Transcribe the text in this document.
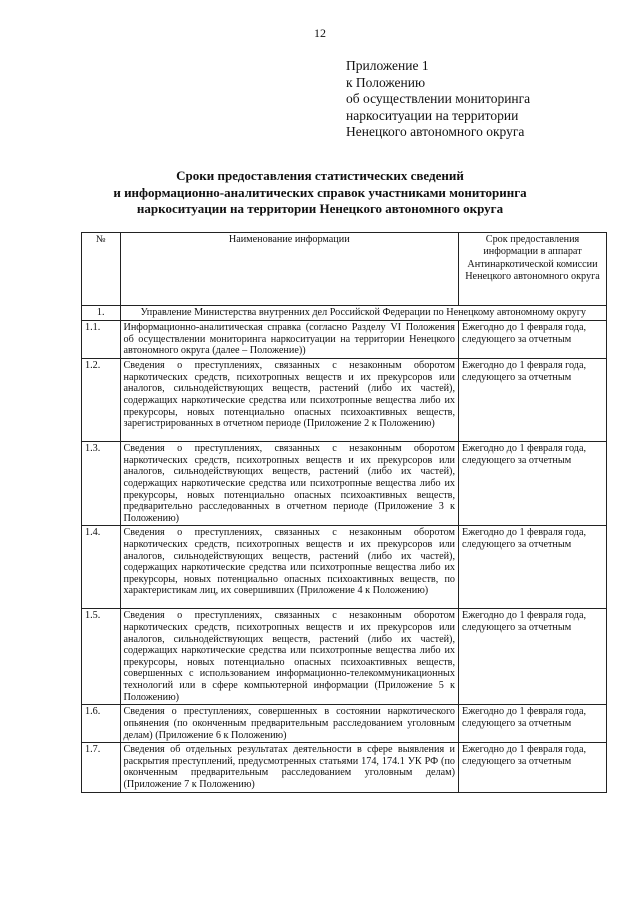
12
Приложение 1
к Положению
об осуществлении мониторинга
наркоситуации на территории
Ненецкого автономного округа
Сроки предоставления статистических сведений
и информационно-аналитических справок участниками мониторинга
наркоситуации на территории Ненецкого автономного округа
№	Наименование информации	Срок предоставления информации в аппарат Антинаркотической комиссии Ненецкого автономного округа
1.	Управление Министерства внутренних дел Российской Федерации по Ненецкому автономному округу	
1.1.	Информационно-аналитическая справка (согласно Разделу VI Положения об осуществлении мониторинга наркоситуации на территории Ненецкого автономного округа (далее – Положение))	Ежегодно до 1 февраля года, следующего за отчетным
1.2.	Сведения о преступлениях, связанных с незаконным оборотом наркотических средств, психотропных веществ и их прекурсоров или аналогов, сильнодействующих веществ, растений (либо их частей), содержащих наркотические средства или психотропные вещества либо их прекурсоры, новых потенциально опасных психоактивных веществ, зарегистрированных в отчетном периоде (Приложение 2 к Положению)	Ежегодно до 1 февраля года, следующего за отчетным
1.3.	Сведения о преступлениях, связанных с незаконным оборотом наркотических средств, психотропных веществ и их прекурсоров или аналогов, сильнодействующих веществ, растений (либо их частей), содержащих наркотические средства или психотропные вещества либо их прекурсоры, новых потенциально опасных психоактивных веществ, предварительно расследованных в отчетном периоде (Приложение 3 к Положению)	Ежегодно до 1 февраля года, следующего за отчетным
1.4.	Сведения о преступлениях, связанных с незаконным оборотом наркотических средств, психотропных веществ и их прекурсоров или аналогов, сильнодействующих веществ, растений (либо их частей), содержащих наркотические средства или психотропные вещества либо их прекурсоры, новых потенциально опасных психоактивных веществ, по характеристикам лиц, их совершивших (Приложение 4 к Положению)	Ежегодно до 1 февраля года, следующего за отчетным
1.5.	Сведения о преступлениях, связанных с незаконным оборотом наркотических средств, психотропных веществ и их прекурсоров или аналогов, сильнодействующих веществ, растений (либо их частей), содержащих наркотические средства или психотропные вещества либо их прекурсоры, новых потенциально опасных психоактивных веществ, совершенных с использованием информационно-телекоммуникационных технологий или в сфере компьютерной информации (Приложение 5 к Положению)	Ежегодно до 1 февраля года, следующего за отчетным
1.6.	Сведения о преступлениях, совершенных в состоянии наркотического опьянения (по оконченным предварительным расследованием уголовным делам) (Приложение 6 к Положению)	Ежегодно до 1 февраля года, следующего за отчетным
1.7.	Сведения об отдельных результатах деятельности в сфере выявления и раскрытия преступлений, предусмотренных статьями 174, 174.1 УК РФ (по оконченным предварительным расследованием уголовным делам) (Приложение 7 к Положению)	Ежегодно до 1 февраля года, следующего за отчетным
